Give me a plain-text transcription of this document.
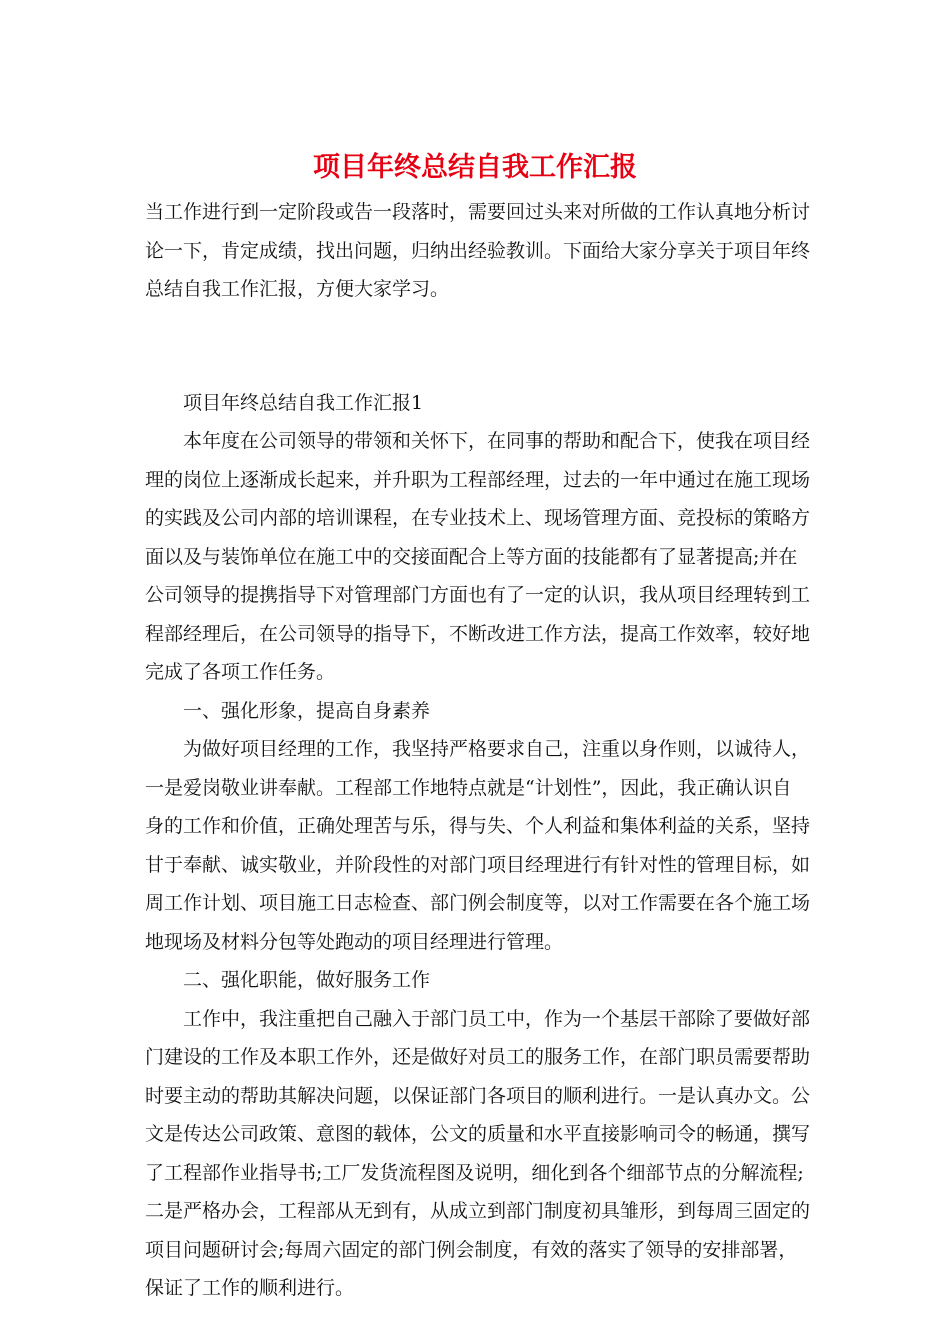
项目年终总结自我工作汇报

当工作进行到一定阶段或告一段落时，需要回过头来对所做的工作认真地分析讨论一下，肯定成绩，找出问题，归纳出经验教训。下面给大家分享关于项目年终总结自我工作汇报，方便大家学习。

项目年终总结自我工作汇报1

本年度在公司领导的带领和关怀下，在同事的帮助和配合下，使我在项目经理的岗位上逐渐成长起来，并升职为工程部经理，过去的一年中通过在施工现场的实践及公司内部的培训课程，在专业技术上、现场管理方面、竞投标的策略方面以及与装饰单位在施工中的交接面配合上等方面的技能都有了显著提高;并在公司领导的提携指导下对管理部门方面也有了一定的认识，我从项目经理转到工程部经理后，在公司领导的指导下，不断改进工作方法，提高工作效率，较好地完成了各项工作任务。

一、强化形象，提高自身素养

为做好项目经理的工作，我坚持严格要求自己，注重以身作则，以诚待人，一是爱岗敬业讲奉献。工程部工作地特点就是“计划性”，因此，我正确认识自身的工作和价值，正确处理苦与乐，得与失、个人利益和集体利益的关系，坚持甘于奉献、诚实敬业，并阶段性的对部门项目经理进行有针对性的管理目标，如周工作计划、项目施工日志检查、部门例会制度等，以对工作需要在各个施工场地现场及材料分包等处跑动的项目经理进行管理。

二、强化职能，做好服务工作

工作中，我注重把自己融入于部门员工中，作为一个基层干部除了要做好部门建设的工作及本职工作外，还是做好对员工的服务工作，在部门职员需要帮助时要主动的帮助其解决问题，以保证部门各项目的顺利进行。一是认真办文。公文是传达公司政策、意图的载体，公文的质量和水平直接影响司令的畅通，撰写了工程部作业指导书;工厂发货流程图及说明，细化到各个细部节点的分解流程;二是严格办会，工程部从无到有，从成立到部门制度初具雏形，到每周三固定的项目问题研讨会;每周六固定的部门例会制度，有效的落实了领导的安排部署，保证了工作的顺利进行。
